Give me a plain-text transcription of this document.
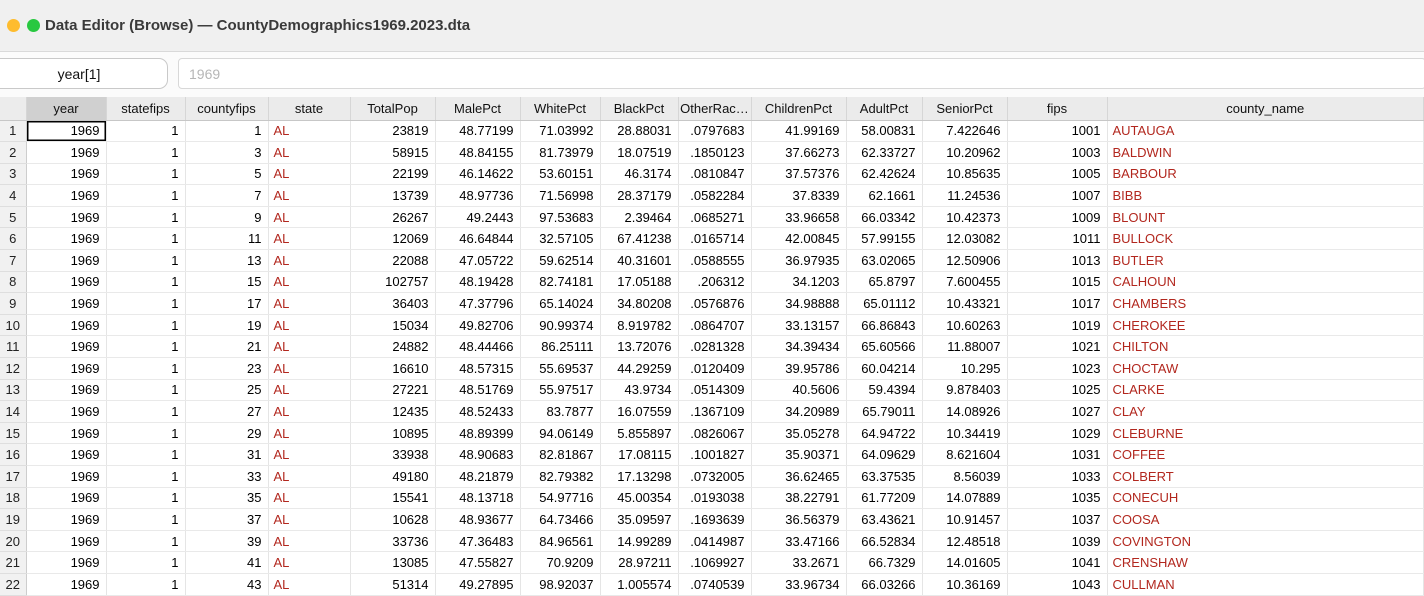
Data Editor (Browse) — CountyDemographics1969.2023.dta
year[1]	1969
	year	statefips	countyfips	state	TotalPop	MalePct	WhitePct	BlackPct	OtherRac…	ChildrenPct	AdultPct	SeniorPct	fips	county_name
1	1969	1	1	AL	23819	48.77199	71.03992	28.88031	.0797683	41.99169	58.00831	7.422646	1001	AUTAUGA
2	1969	1	3	AL	58915	48.84155	81.73979	18.07519	.1850123	37.66273	62.33727	10.20962	1003	BALDWIN
3	1969	1	5	AL	22199	46.14622	53.60151	46.3174	.0810847	37.57376	62.42624	10.85635	1005	BARBOUR
4	1969	1	7	AL	13739	48.97736	71.56998	28.37179	.0582284	37.8339	62.1661	11.24536	1007	BIBB
5	1969	1	9	AL	26267	49.2443	97.53683	2.39464	.0685271	33.96658	66.03342	10.42373	1009	BLOUNT
6	1969	1	11	AL	12069	46.64844	32.57105	67.41238	.0165714	42.00845	57.99155	12.03082	1011	BULLOCK
7	1969	1	13	AL	22088	47.05722	59.62514	40.31601	.0588555	36.97935	63.02065	12.50906	1013	BUTLER
8	1969	1	15	AL	102757	48.19428	82.74181	17.05188	.206312	34.1203	65.8797	7.600455	1015	CALHOUN
9	1969	1	17	AL	36403	47.37796	65.14024	34.80208	.0576876	34.98888	65.01112	10.43321	1017	CHAMBERS
10	1969	1	19	AL	15034	49.82706	90.99374	8.919782	.0864707	33.13157	66.86843	10.60263	1019	CHEROKEE
11	1969	1	21	AL	24882	48.44466	86.25111	13.72076	.0281328	34.39434	65.60566	11.88007	1021	CHILTON
12	1969	1	23	AL	16610	48.57315	55.69537	44.29259	.0120409	39.95786	60.04214	10.295	1023	CHOCTAW
13	1969	1	25	AL	27221	48.51769	55.97517	43.9734	.0514309	40.5606	59.4394	9.878403	1025	CLARKE
14	1969	1	27	AL	12435	48.52433	83.7877	16.07559	.1367109	34.20989	65.79011	14.08926	1027	CLAY
15	1969	1	29	AL	10895	48.89399	94.06149	5.855897	.0826067	35.05278	64.94722	10.34419	1029	CLEBURNE
16	1969	1	31	AL	33938	48.90683	82.81867	17.08115	.1001827	35.90371	64.09629	8.621604	1031	COFFEE
17	1969	1	33	AL	49180	48.21879	82.79382	17.13298	.0732005	36.62465	63.37535	8.56039	1033	COLBERT
18	1969	1	35	AL	15541	48.13718	54.97716	45.00354	.0193038	38.22791	61.77209	14.07889	1035	CONECUH
19	1969	1	37	AL	10628	48.93677	64.73466	35.09597	.1693639	36.56379	63.43621	10.91457	1037	COOSA
20	1969	1	39	AL	33736	47.36483	84.96561	14.99289	.0414987	33.47166	66.52834	12.48518	1039	COVINGTON
21	1969	1	41	AL	13085	47.55827	70.9209	28.97211	.1069927	33.2671	66.7329	14.01605	1041	CRENSHAW
22	1969	1	43	AL	51314	49.27895	98.92037	1.005574	.0740539	33.96734	66.03266	10.36169	1043	CULLMAN
